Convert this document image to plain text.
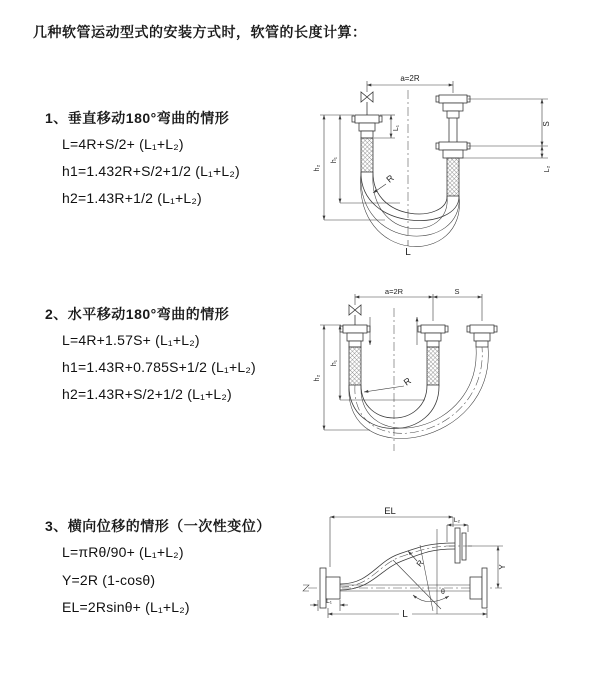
几种软管运动型式的安装方式时，软管的长度计算：
1、垂直移动180°弯曲的情形
L=4R+S/2+ (L₁+L₂)
h1=1.432R+S/2+1/2 (L₁+L₂)
h2=1.43R+1/2 (L₁+L₂)
2、水平移动180°弯曲的情形
L=4R+1.57S+ (L₁+L₂)
h1=1.43R+0.785S+1/2 (L₁+L₂)
h2=1.43R+S/2+1/2 (L₁+L₂)
3、横向位移的情形（一次性变位）
L=πRθ/90+ (L₁+L₂)
Y=2R (1-cosθ)
EL=2Rsinθ+ (L₁+L₂)
a=2R
L₁
S
L₂
h₁
h₂
R
L
a=2R	S
h₁
h₂	R
EL
L₂
θ
R	Y
L₁
L
